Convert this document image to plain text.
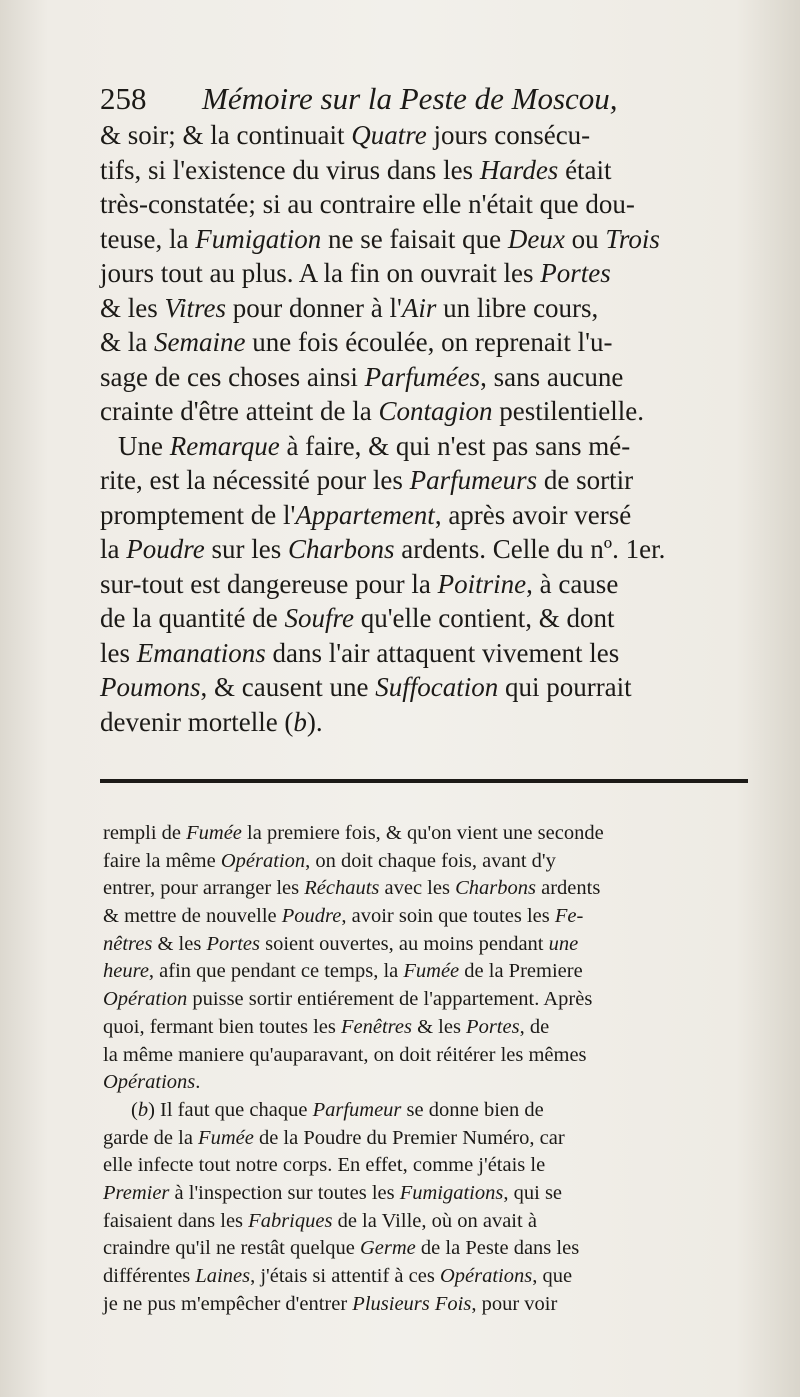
258 Mémoire sur la Peste de Moscou,
& soir; & la continuait Quatre jours consécu-
tifs, si l'existence du virus dans les Hardes était
très-constatée; si au contraire elle n'était que dou-
teuse, la Fumigation ne se faisait que Deux ou Trois
jours tout au plus. A la fin on ouvrait les Portes
& les Vitres pour donner à l'Air un libre cours,
& la Semaine une fois écoulée, on reprenait l'u-
sage de ces choses ainsi Parfumées, sans aucune
crainte d'être atteint de la Contagion pestilentielle.
Une Remarque à faire, & qui n'est pas sans mé-
rite, est la nécessité pour les Parfumeurs de sortir
promptement de l'Appartement, après avoir versé
la Poudre sur les Charbons ardents. Celle du nº. 1er.
sur-tout est dangereuse pour la Poitrine, à cause
de la quantité de Soufre qu'elle contient, & dont
les Emanations dans l'air attaquent vivement les
Poumons, & causent une Suffocation qui pourrait
devenir mortelle (b).
rempli de Fumée la premiere fois, & qu'on vient une seconde
faire la même Opération, on doit chaque fois, avant d'y
entrer, pour arranger les Réchauts avec les Charbons ardents
& mettre de nouvelle Poudre, avoir soin que toutes les Fe-
nêtres & les Portes soient ouvertes, au moins pendant une
heure, afin que pendant ce temps, la Fumée de la Premiere
Opération puisse sortir entiérement de l'appartement. Après
quoi, fermant bien toutes les Fenêtres & les Portes, de
la même maniere qu'auparavant, on doit réitérer les mêmes
Opérations.
(b) Il faut que chaque Parfumeur se donne bien de
garde de la Fumée de la Poudre du Premier Numéro, car
elle infecte tout notre corps. En effet, comme j'étais le
Premier à l'inspection sur toutes les Fumigations, qui se
faisaient dans les Fabriques de la Ville, où on avait à
craindre qu'il ne restât quelque Germe de la Peste dans les
différentes Laines, j'étais si attentif à ces Opérations, que
je ne pus m'empêcher d'entrer Plusieurs Fois, pour voir
